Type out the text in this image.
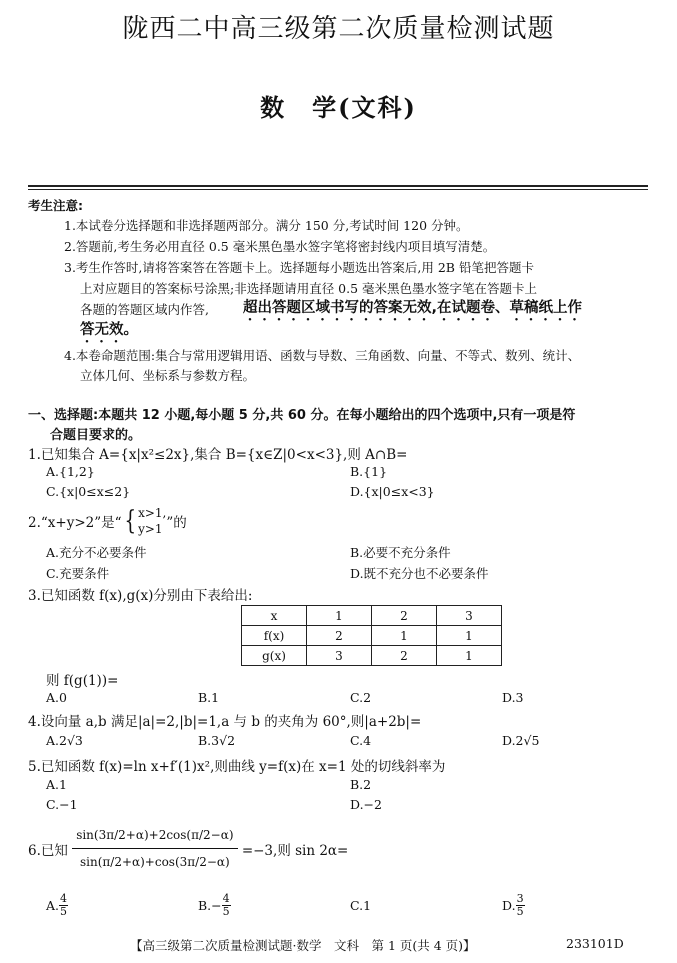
陇西二中高三级第二次质量检测试题
数　学(文科)
考生注意:
1.本试卷分选择题和非选择题两部分。满分 150 分,考试时间 120 分钟。
2.答题前,考生务必用直径 0.5 毫米黑色墨水签字笔将密封线内项目填写清楚。
3.考生作答时,请将答案答在答题卡上。选择题每小题选出答案后,用 2B 铅笔把答题卡
上对应题目的答案标号涂黑;非选择题请用直径 0.5 毫米黑色墨水签字笔在答题卡上
各题的答题区域内作答, 超出答题区域书写的答案无效,在试题卷、草稿纸上作
答无效。
4.本卷命题范围:集合与常用逻辑用语、函数与导数、三角函数、向量、不等式、数列、统计、
立体几何、坐标系与参数方程。
一、选择题:本题共 12 小题,每小题 5 分,共 60 分。在每小题给出的四个选项中,只有一项是符
合题目要求的。
1.已知集合 A={x|x²≤2x},集合 B={x∈Z|0<x<3},则 A∩B=
A.{1,2}	B.{1}
C.{x|0≤x≤2}	D.{x|0≤x<3}
2.“x+y>2”是“{ x>1,
y>1 ”的
A.充分不必要条件	B.必要不充分条件
C.充要条件	D.既不充分也不必要条件
3.已知函数 f(x),g(x)分别由下表给出:
x	1	2	3
f(x)	2	1	1
g(x)	3	2	1
则 f(g(1))=
A.0	B.1	C.2	D.3
4.设向量 a,b 满足|a|=2,|b|=1,a 与 b 的夹角为 60°,则|a+2b|=
A.2√3	B.3√2	C.4	D.2√5
5.已知函数 f(x)=ln x+f′(1)x²,则曲线 y=f(x)在 x=1 处的切线斜率为
A.1	B.2
C.−1	D.−2
6.已知 $\frac{\sin(3\pi/2+\alpha)+2\cos(\pi/2-\alpha)}{\sin(\pi/2+\alpha)+\cos(3\pi/2-\alpha)} =-3$,则 sin 2α=
A. $\frac{4}{5}$	$B.- \frac{4}{5}$	C.1	D. $\frac{3}{5}$
【高三级第二次质量检测试题·数学　文科　第 1 页(共 4 页)】	233101D
